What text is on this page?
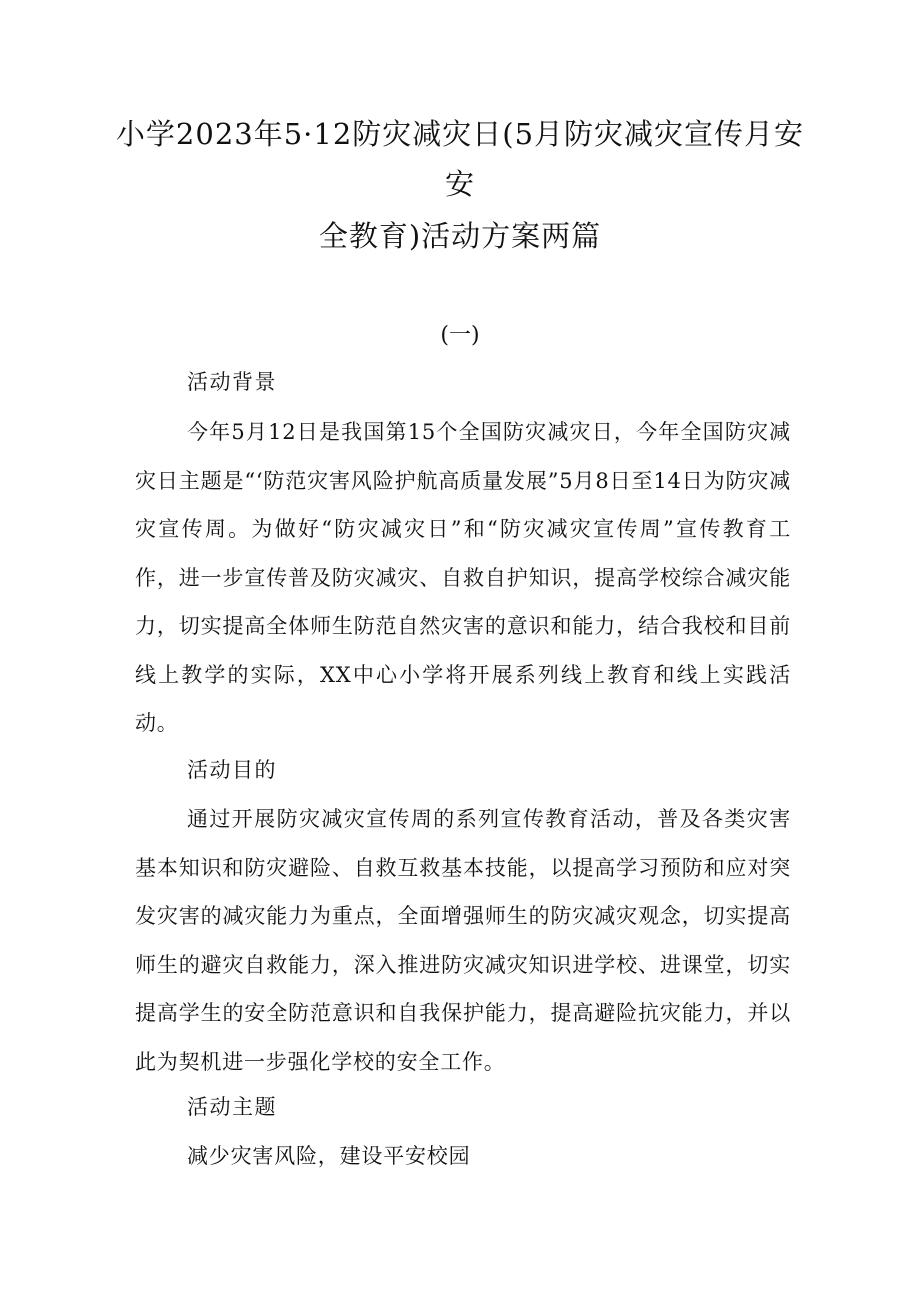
小学2023年5·12防灾减灾日(5月防灾减灾宣传月安
安
全教育)活动方案两篇
(一)

活动背景

今年5月12日是我国第15个全国防灾减灾日，今年全国防灾减灾日主题是“‘防范灾害风险护航高质量发展”5月8日至14日为防灾减灾宣传周。为做好“防灾减灾日”和“防灾减灾宣传周”宣传教育工作，进一步宣传普及防灾减灾、自救自护知识，提高学校综合减灾能力，切实提高全体师生防范自然灾害的意识和能力，结合我校和目前线上教学的实际，XX中心小学将开展系列线上教育和线上实践活动。

活动目的

通过开展防灾减灾宣传周的系列宣传教育活动，普及各类灾害基本知识和防灾避险、自救互救基本技能，以提高学习预防和应对突发灾害的减灾能力为重点，全面增强师生的防灾减灾观念，切实提高师生的避灾自救能力，深入推进防灾减灾知识进学校、进课堂，切实提高学生的安全防范意识和自我保护能力，提高避险抗灾能力，并以此为契机进一步强化学校的安全工作。

活动主题

减少灾害风险，建设平安校园
